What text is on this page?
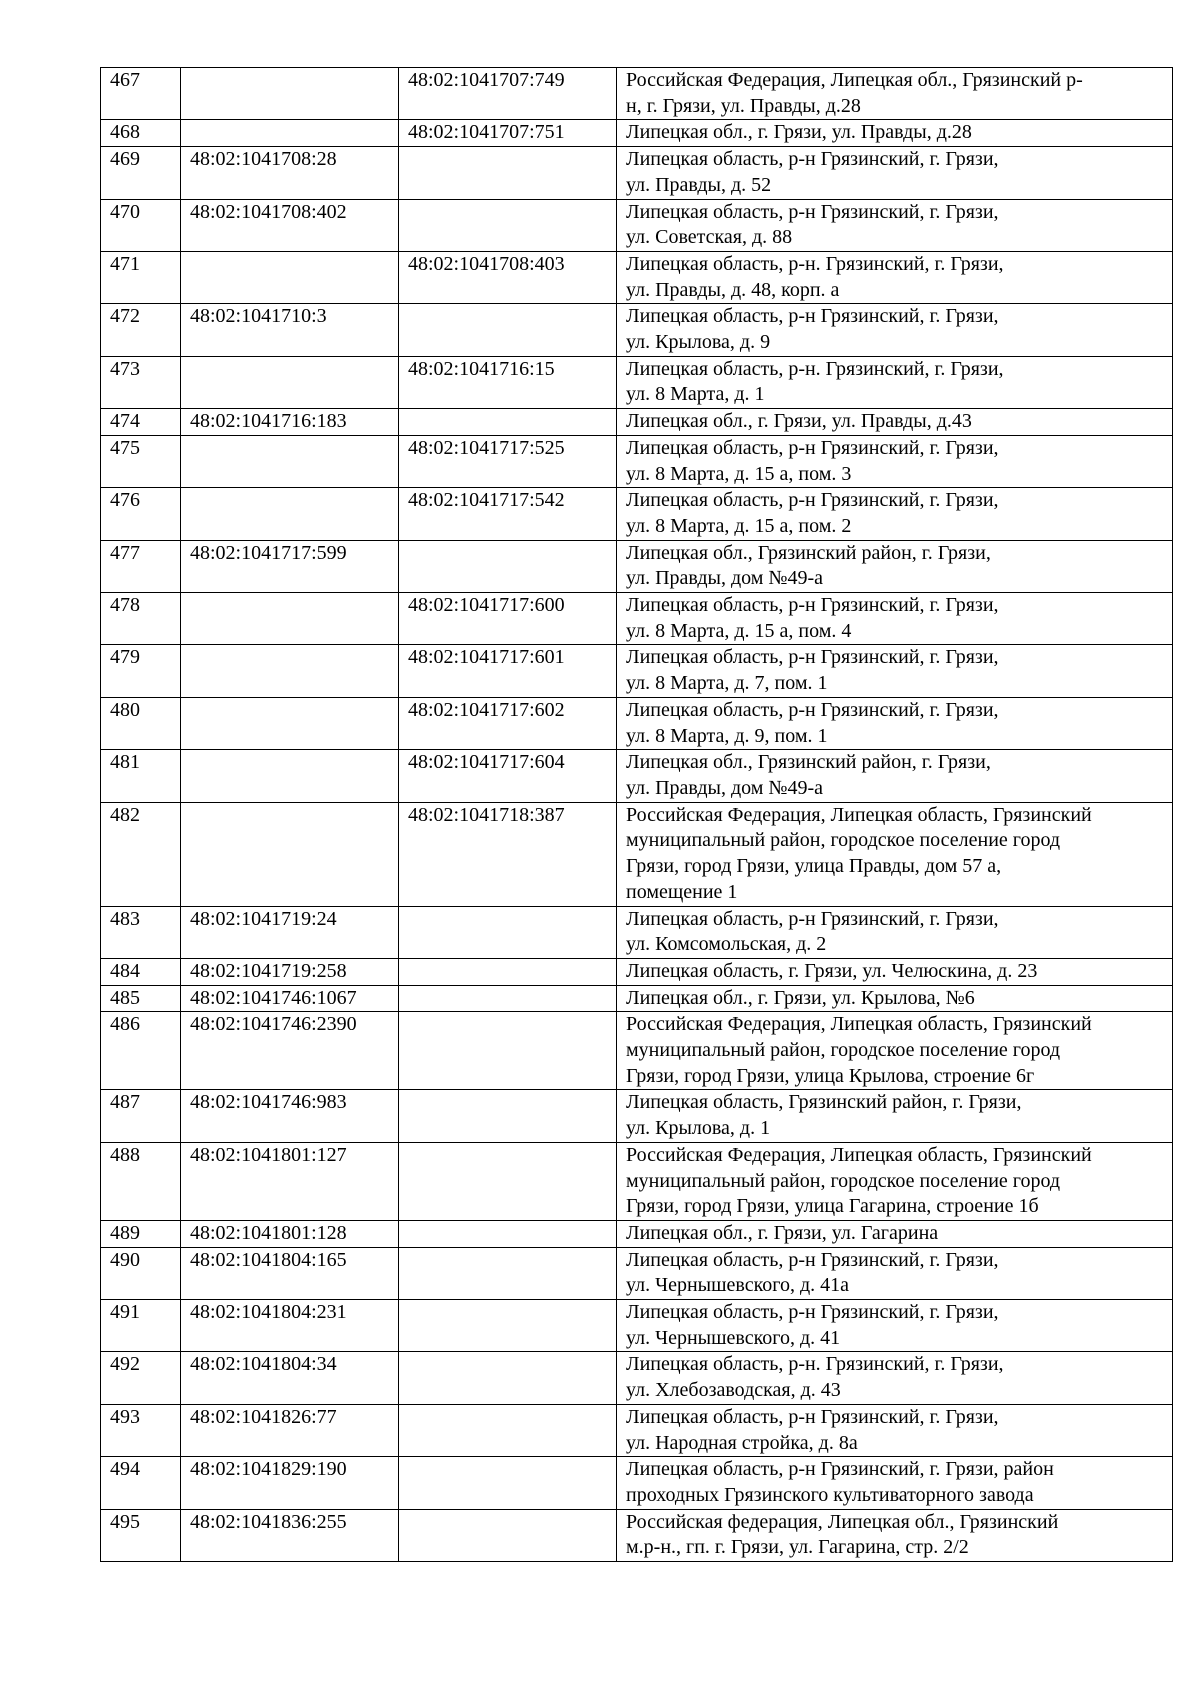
467		48:02:1041707:749	Российская Федерация, Липецкая обл., Грязинский р-
н, г. Грязи, ул. Правды, д.28
468		48:02:1041707:751	Липецкая обл., г. Грязи, ул. Правды, д.28
469	48:02:1041708:28		Липецкая область, р-н Грязинский, г. Грязи,
ул. Правды, д. 52
470	48:02:1041708:402		Липецкая область, р-н Грязинский, г. Грязи,
ул. Советская, д. 88
471		48:02:1041708:403	Липецкая область, р-н. Грязинский, г. Грязи,
ул. Правды, д. 48, корп. а
472	48:02:1041710:3		Липецкая область, р-н Грязинский, г. Грязи,
ул. Крылова, д. 9
473		48:02:1041716:15	Липецкая область, р-н. Грязинский, г. Грязи,
ул. 8 Марта, д. 1
474	48:02:1041716:183		Липецкая обл., г. Грязи, ул. Правды, д.43
475		48:02:1041717:525	Липецкая область, р-н Грязинский, г. Грязи,
ул. 8 Марта, д. 15 а, пом. 3
476		48:02:1041717:542	Липецкая область, р-н Грязинский, г. Грязи,
ул. 8 Марта, д. 15 а, пом. 2
477	48:02:1041717:599		Липецкая обл., Грязинский район, г. Грязи,
ул. Правды, дом №49-а
478		48:02:1041717:600	Липецкая область, р-н Грязинский, г. Грязи,
ул. 8 Марта, д. 15 а, пом. 4
479		48:02:1041717:601	Липецкая область, р-н Грязинский, г. Грязи,
ул. 8 Марта, д. 7, пом. 1
480		48:02:1041717:602	Липецкая область, р-н Грязинский, г. Грязи,
ул. 8 Марта, д. 9, пом. 1
481		48:02:1041717:604	Липецкая обл., Грязинский район, г. Грязи,
ул. Правды, дом №49-а
482		48:02:1041718:387	Российская Федерация, Липецкая область, Грязинский
муниципальный район, городское поселение город
Грязи, город Грязи, улица Правды, дом 57 а,
помещение 1
483	48:02:1041719:24		Липецкая область, р-н Грязинский, г. Грязи,
ул. Комсомольская, д. 2
484	48:02:1041719:258		Липецкая область, г. Грязи, ул. Челюскина, д. 23
485	48:02:1041746:1067		Липецкая обл., г. Грязи, ул. Крылова, №6
486	48:02:1041746:2390		Российская Федерация, Липецкая область, Грязинский
муниципальный район, городское поселение город
Грязи, город Грязи, улица Крылова, строение 6г
487	48:02:1041746:983		Липецкая область, Грязинский район, г. Грязи,
ул. Крылова, д. 1
488	48:02:1041801:127		Российская Федерация, Липецкая область, Грязинский
муниципальный район, городское поселение город
Грязи, город Грязи, улица Гагарина, строение 1б
489	48:02:1041801:128		Липецкая обл., г. Грязи, ул. Гагарина
490	48:02:1041804:165		Липецкая область, р-н Грязинский, г. Грязи,
ул. Чернышевского, д. 41а
491	48:02:1041804:231		Липецкая область, р-н Грязинский, г. Грязи,
ул. Чернышевского, д. 41
492	48:02:1041804:34		Липецкая область, р-н. Грязинский, г. Грязи,
ул. Хлебозаводская, д. 43
493	48:02:1041826:77		Липецкая область, р-н Грязинский, г. Грязи,
ул. Народная стройка, д. 8а
494	48:02:1041829:190		Липецкая область, р-н Грязинский, г. Грязи, район
проходных Грязинского культиваторного завода
495	48:02:1041836:255		Российская федерация, Липецкая обл., Грязинский
м.р-н., гп. г. Грязи, ул. Гагарина, стр. 2/2
